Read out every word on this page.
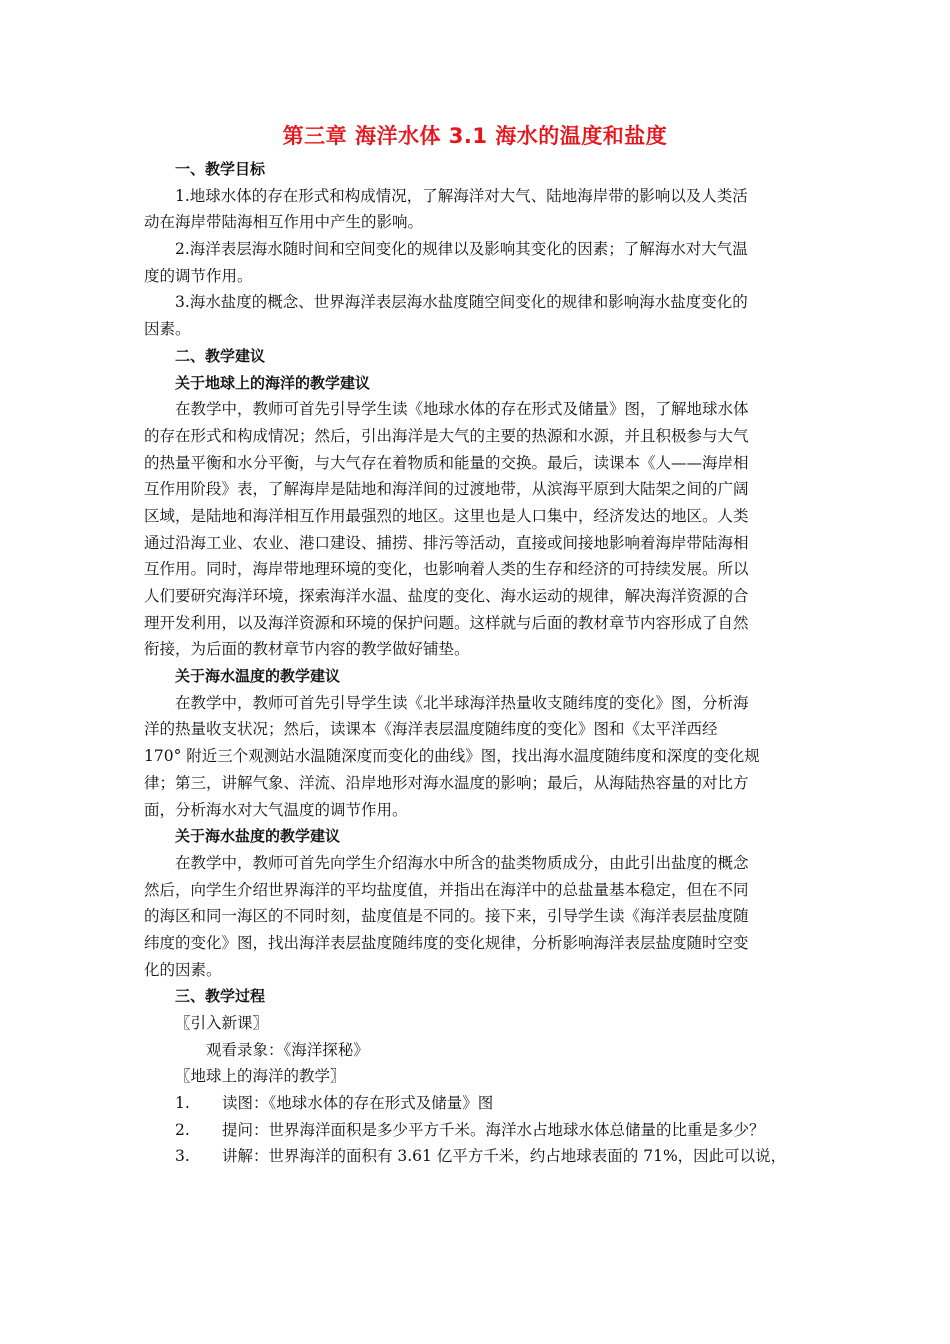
第三章 海洋水体 3.1 海水的温度和盐度
一、教学目标
1.地球水体的存在形式和构成情况，了解海洋对大气、陆地海岸带的影响以及人类活
动在海岸带陆海相互作用中产生的影响。
2.海洋表层海水随时间和空间变化的规律以及影响其变化的因素；了解海水对大气温
度的调节作用。
3.海水盐度的概念、世界海洋表层海水盐度随空间变化的规律和影响海水盐度变化的
因素。
二、教学建议
关于地球上的海洋的教学建议
在教学中，教师可首先引导学生读《地球水体的存在形式及储量》图，了解地球水体
的存在形式和构成情况；然后，引出海洋是大气的主要的热源和水源，并且积极参与大气
的热量平衡和水分平衡，与大气存在着物质和能量的交换。最后，读课本《人——海岸相
互作用阶段》表，了解海岸是陆地和海洋间的过渡地带，从滨海平原到大陆架之间的广阔
区域，是陆地和海洋相互作用最强烈的地区。这里也是人口集中，经济发达的地区。人类
通过沿海工业、农业、港口建设、捕捞、排污等活动，直接或间接地影响着海岸带陆海相
互作用。同时，海岸带地理环境的变化，也影响着人类的生存和经济的可持续发展。所以
人们要研究海洋环境，探索海洋水温、盐度的变化、海水运动的规律，解决海洋资源的合
理开发利用，以及海洋资源和环境的保护问题。这样就与后面的教材章节内容形成了自然
衔接，为后面的教材章节内容的教学做好铺垫。
关于海水温度的教学建议
在教学中，教师可首先引导学生读《北半球海洋热量收支随纬度的变化》图，分析海
洋的热量收支状况；然后，读课本《海洋表层温度随纬度的变化》图和《太平洋西经
170° 附近三个观测站水温随深度而变化的曲线》图，找出海水温度随纬度和深度的变化规
律；第三，讲解气象、洋流、沿岸地形对海水温度的影响；最后，从海陆热容量的对比方
面，分析海水对大气温度的调节作用。
关于海水盐度的教学建议
在教学中，教师可首先向学生介绍海水中所含的盐类物质成分，由此引出盐度的概念
然后，向学生介绍世界海洋的平均盐度值，并指出在海洋中的总盐量基本稳定，但在不同
的海区和同一海区的不同时刻，盐度值是不同的。接下来，引导学生读《海洋表层盐度随
纬度的变化》图，找出海洋表层盐度随纬度的变化规律，分析影响海洋表层盐度随时空变
化的因素。
三、教学过程
〖引入新课〗
观看录象：《海洋探秘》
〖地球上的海洋的教学〗
1. 读图：《地球水体的存在形式及储量》图
2. 提问：世界海洋面积是多少平方千米。海洋水占地球水体总储量的比重是多少？
3. 讲解：世界海洋的面积有 3.61 亿平方千米，约占地球表面的 71%，因此可以说，
